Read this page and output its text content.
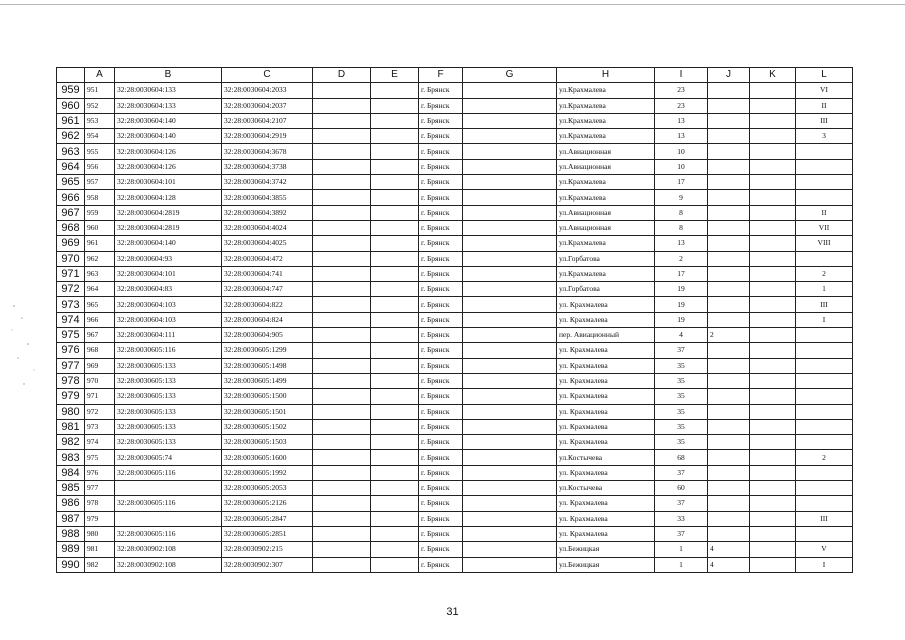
	A	B	C	D	E	F	G	H	I	J	K	L
959	951	32:28:0030604:133	32:28:0030604:2033			г. Брянск		ул.Крахмалева	23			VI
960	952	32:28:0030604:133	32:28:0030604:2037			г. Брянск		ул.Крахмалева	23			II
961	953	32:28:0030604:140	32:28:0030604:2107			г. Брянск		ул.Крахмалева	13			III
962	954	32:28:0030604:140	32:28:0030604:2919			г. Брянск		ул.Крахмалева	13			3
963	955	32:28:0030604:126	32:28:0030604:3678			г. Брянск		ул.Авиационная	10			
964	956	32:28:0030604:126	32:28:0030604:3738			г. Брянск		ул.Авиационная	10			
965	957	32:28:0030604:101	32:28:0030604:3742			г. Брянск		ул.Крахмалева	17			
966	958	32:28:0030604:128	32:28:0030604:3855			г. Брянск		ул.Крахмалева	9			
967	959	32:28:0030604:2819	32:28:0030604:3892			г. Брянск		ул.Авиационная	8			II
968	960	32:28:0030604:2819	32:28:0030604:4024			г. Брянск		ул.Авиационная	8			VII
969	961	32:28:0030604:140	32:28:0030604:4025			г. Брянск		ул.Крахмалева	13			VIII
970	962	32:28:0030604:93	32:28:0030604:472			г. Брянск		ул.Горбатова	2			
971	963	32:28:0030604:101	32:28:0030604:741			г. Брянск		ул.Крахмалева	17			2
972	964	32:28:0030604:83	32:28:0030604:747			г. Брянск		ул.Горбатова	19			1
973	965	32:28:0030604:103	32:28:0030604:822			г. Брянск		ул. Крахмалева	19			III
974	966	32:28:0030604:103	32:28:0030604:824			г. Брянск		ул. Крахмалева	19			I
975	967	32:28:0030604:111	32:28:0030604:905			г. Брянск		пер. Авиационный	4	2		
976	968	32:28:0030605:116	32:28:0030605:1299			г. Брянск		ул. Крахмалева	37			
977	969	32:28:0030605:133	32:28:0030605:1498			г. Брянск		ул. Крахмалева	35			
978	970	32:28:0030605:133	32:28:0030605:1499			г. Брянск		ул. Крахмалева	35			
979	971	32:28:0030605:133	32:28:0030605:1500			г. Брянск		ул. Крахмалева	35			
980	972	32:28:0030605:133	32:28:0030605:1501			г. Брянск		ул. Крахмалева	35			
981	973	32:28:0030605:133	32:28:0030605:1502			г. Брянск		ул. Крахмалева	35			
982	974	32:28:0030605:133	32:28:0030605:1503			г. Брянск		ул. Крахмалева	35			
983	975	32:28:0030605:74	32:28:0030605:1600			г. Брянск		ул.Костычева	68			2
984	976	32:28:0030605:116	32:28:0030605:1992			г. Брянск		ул. Крахмалева	37			
985	977		32:28:0030605:2053			г. Брянск		ул.Костычева	60			
986	978	32:28:0030605:116	32:28:0030605:2126			г. Брянск		ул. Крахмалева	37			
987	979		32:28:0030605:2847			г. Брянск		ул. Крахмалева	33			III
988	980	32:28:0030605:116	32:28:0030605:2851			г. Брянск		ул. Крахмалева	37			
989	981	32:28:0030902:108	32:28:0030902:215			г. Брянск		ул.Бежицкая	1	4		V
990	982	32:28:0030902:108	32:28:0030902:307			г. Брянск		ул.Бежицкая	1	4		I
31
